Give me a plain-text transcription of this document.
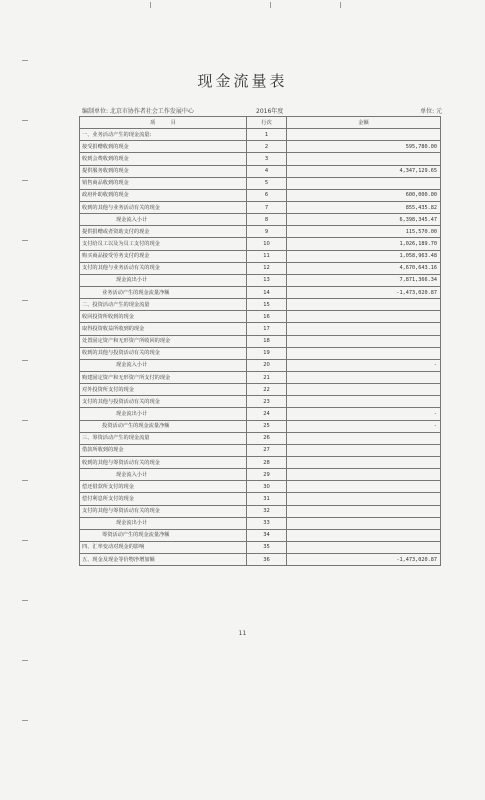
现金流量表
编制单位: 北京市协作者社会工作发展中心	2016年度	单位: 元
项　　　目	行次	金额
一、业务活动产生的现金流量:	1	
接受捐赠收到的现金	2	595,780.00
收到会费收到的现金	3	
提供服务收到的现金	4	4,347,129.65
销售商品收到的现金	5	
政府补助收到的现金	6	600,000.00
收到的其他与业务活动有关的现金	7	855,435.82
现金流入小计	8	6,398,345.47
提供捐赠或者资助支付的现金	9	115,570.00
支付给员工以及为员工支付的现金	10	1,026,189.70
购买商品接受劳务支付的现金	11	1,058,963.48
支付的其他与业务活动有关的现金	12	4,670,643.16
现金流出小计	13	7,871,366.34
业务活动产生的现金流量净额	14	-1,473,020.87
二、投资活动产生的现金流量	15	
收回投资所收到的现金	16	
取得投资收益所收到的现金	17	
处置固定资产和无形资产所收回的现金	18	
收到的其他与投资活动有关的现金	19	
现金流入小计	20	-
购建固定资产和无形资产所支付的现金	21	
对外投资所支付的现金	22	
支付的其他与投资活动有关的现金	23	
现金流出小计	24	-
投资活动产生的现金流量净额	25	-
三、筹资活动产生的现金流量	26	
借款所收到的现金	27	
收到的其他与筹资活动有关的现金	28	
现金流入小计	29	
偿还借款所支付的现金	30	
偿付利息所支付的现金	31	
支付的其他与筹资活动有关的现金	32	
现金流出小计	33	
筹资活动产生的现金流量净额	34	
四、汇率变动对现金的影响	35	
五、现金及现金等价物净增加额	36	-1,473,020.87
11
